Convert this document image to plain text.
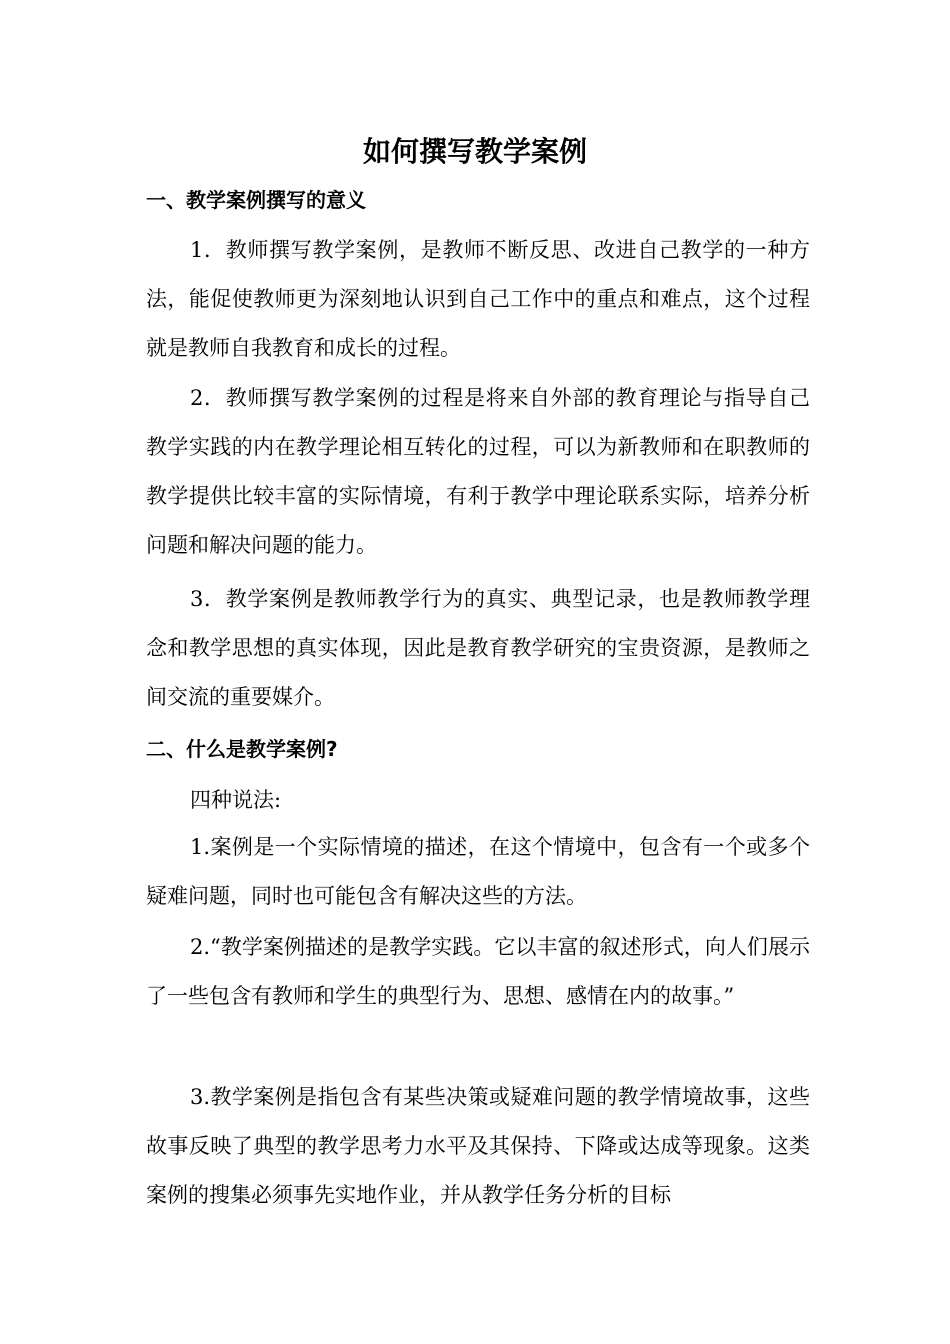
如何撰写教学案例
一、教学案例撰写的意义

1．教师撰写教学案例，是教师不断反思、改进自己教学的一种方法，能促使教师更为深刻地认识到自己工作中的重点和难点，这个过程就是教师自我教育和成长的过程。

2．教师撰写教学案例的过程是将来自外部的教育理论与指导自己教学实践的内在教学理论相互转化的过程，可以为新教师和在职教师的教学提供比较丰富的实际情境，有利于教学中理论联系实际，培养分析问题和解决问题的能力。

3．教学案例是教师教学行为的真实、典型记录，也是教师教学理念和教学思想的真实体现，因此是教育教学研究的宝贵资源，是教师之间交流的重要媒介。

二、什么是教学案例?
四种说法:

1.案例是一个实际情境的描述，在这个情境中，包含有一个或多个疑难问题，同时也可能包含有解决这些的方法。

2.“教学案例描述的是教学实践。它以丰富的叙述形式，向人们展示了一些包含有教师和学生的典型行为、思想、感情在内的故事。”

3.教学案例是指包含有某些决策或疑难问题的教学情境故事，这些故事反映了典型的教学思考力水平及其保持、下降或达成等现象。这类案例的搜集必须事先实地作业，并从教学任务分析的目标
